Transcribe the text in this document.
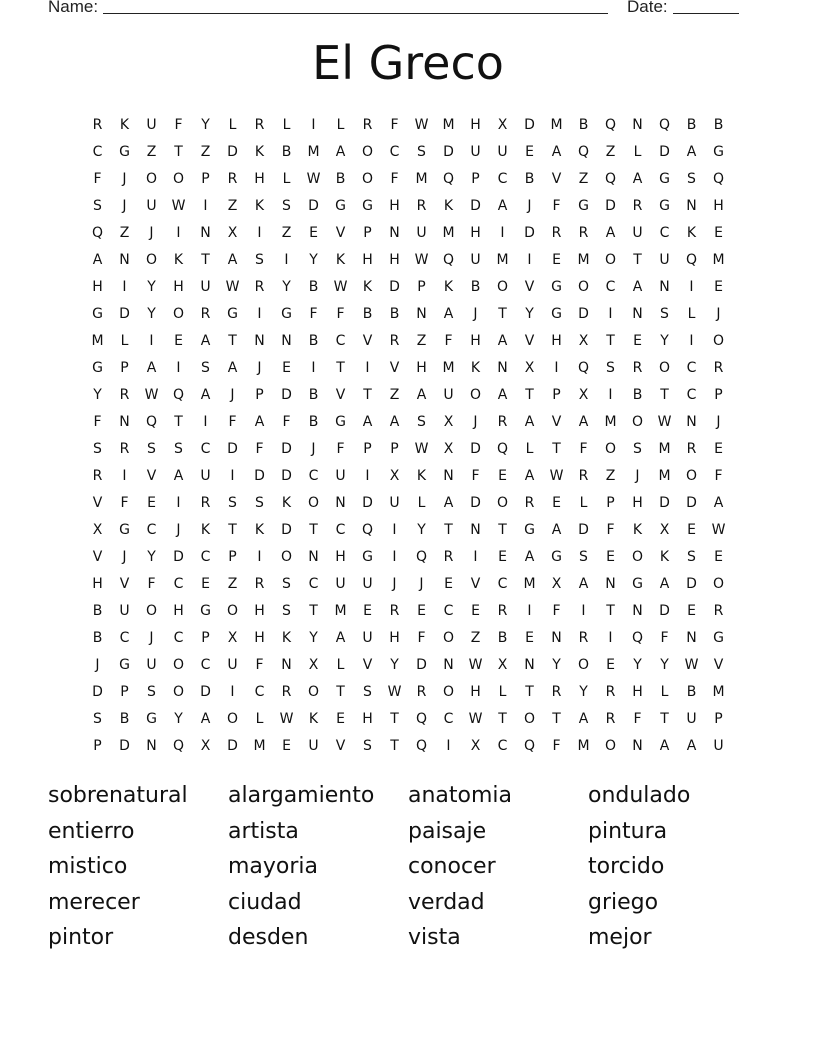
Name:	Date:
El Greco
R	K	U	F	Y	L	R	L	I	L	R	F	W	M	H	X	D	M	B	Q	N	Q	B	B
C	G	Z	T	Z	D	K	B	M	A	O	C	S	D	U	U	E	A	Q	Z	L	D	A	G
F	J	O	O	P	R	H	L	W	B	O	F	M	Q	P	C	B	V	Z	Q	A	G	S	Q
S	J	U	W	I	Z	K	S	D	G	G	H	R	K	D	A	J	F	G	D	R	G	N	H
Q	Z	J	I	N	X	I	Z	E	V	P	N	U	M	H	I	D	R	R	A	U	C	K	E
A	N	O	K	T	A	S	I	Y	K	H	H	W	Q	U	M	I	E	M	O	T	U	Q	M
H	I	Y	H	U	W	R	Y	B	W	K	D	P	K	B	O	V	G	O	C	A	N	I	E
G	D	Y	O	R	G	I	G	F	F	B	B	N	A	J	T	Y	G	D	I	N	S	L	J
M	L	I	E	A	T	N	N	B	C	V	R	Z	F	H	A	V	H	X	T	E	Y	I	O
G	P	A	I	S	A	J	E	I	T	I	V	H	M	K	N	X	I	Q	S	R	O	C	R
Y	R	W	Q	A	J	P	D	B	V	T	Z	A	U	O	A	T	P	X	I	B	T	C	P
F	N	Q	T	I	F	A	F	B	G	A	A	S	X	J	R	A	V	A	M	O	W	N	J
S	R	S	S	C	D	F	D	J	F	P	P	W	X	D	Q	L	T	F	O	S	M	R	E
R	I	V	A	U	I	D	D	C	U	I	X	K	N	F	E	A	W	R	Z	J	M	O	F
V	F	E	I	R	S	S	K	O	N	D	U	L	A	D	O	R	E	L	P	H	D	D	A
X	G	C	J	K	T	K	D	T	C	Q	I	Y	T	N	T	G	A	D	F	K	X	E	W
V	J	Y	D	C	P	I	O	N	H	G	I	Q	R	I	E	A	G	S	E	O	K	S	E
H	V	F	C	E	Z	R	S	C	U	U	J	J	E	V	C	M	X	A	N	G	A	D	O
B	U	O	H	G	O	H	S	T	M	E	R	E	C	E	R	I	F	I	T	N	D	E	R
B	C	J	C	P	X	H	K	Y	A	U	H	F	O	Z	B	E	N	R	I	Q	F	N	G
J	G	U	O	C	U	F	N	X	L	V	Y	D	N	W	X	N	Y	O	E	Y	Y	W	V
D	P	S	O	D	I	C	R	O	T	S	W	R	O	H	L	T	R	Y	R	H	L	B	M
S	B	G	Y	A	O	L	W	K	E	H	T	Q	C	W	T	O	T	A	R	F	T	U	P
P	D	N	Q	X	D	M	E	U	V	S	T	Q	I	X	C	Q	F	M	O	N	A	A	U
sobrenatural	alargamiento	anatomia	ondulado
entierro	artista	paisaje	pintura
mistico	mayoria	conocer	torcido
merecer	ciudad	verdad	griego
pintor	desden	vista	mejor
